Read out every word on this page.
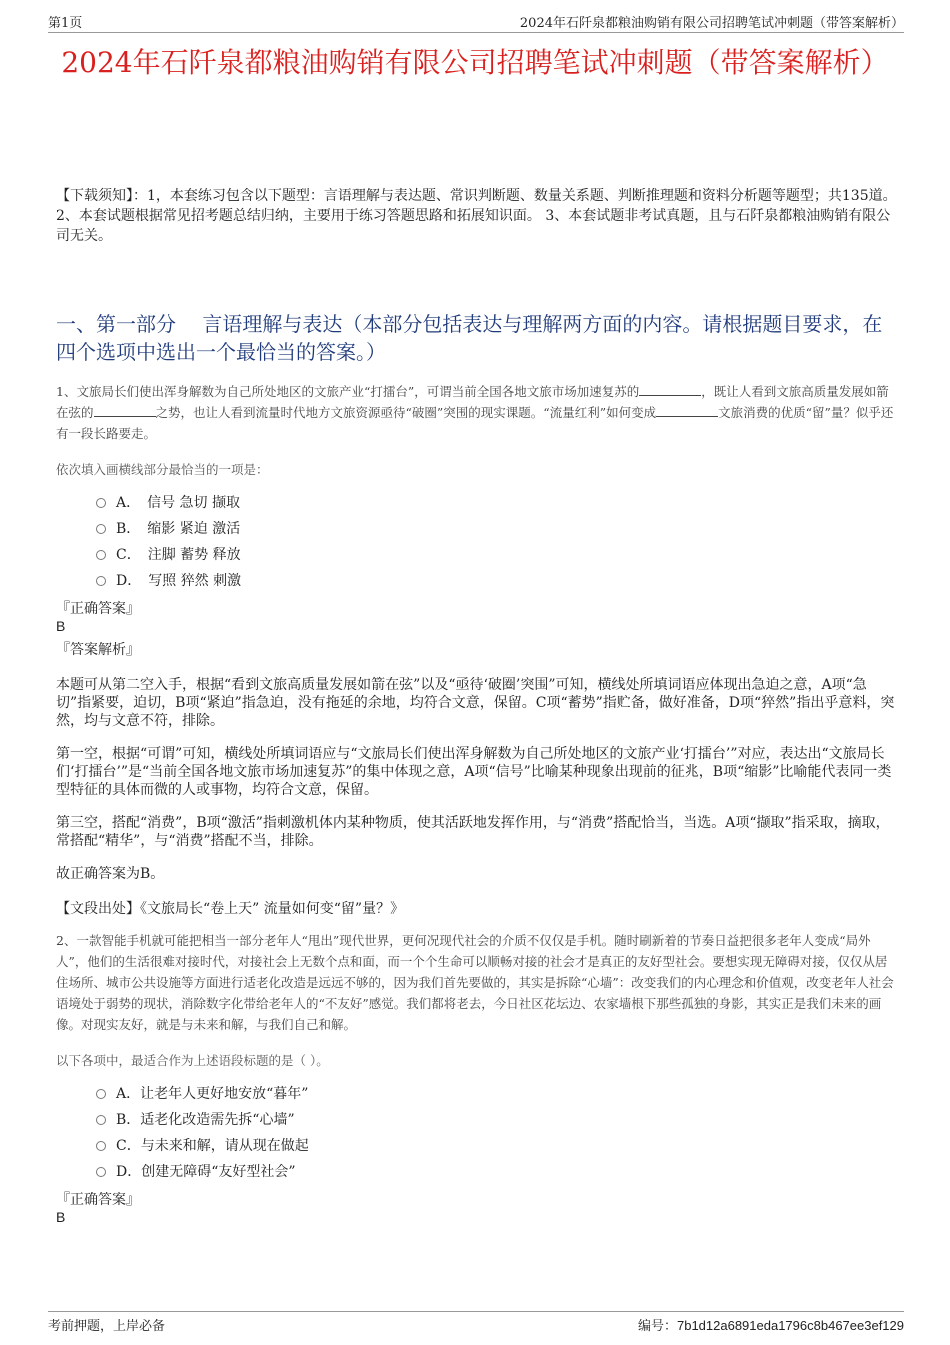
第1页	2024年石阡泉都粮油购销有限公司招聘笔试冲刺题（带答案解析）
2024年石阡泉都粮油购销有限公司招聘笔试冲刺题（带答案解析）
【下载须知】：1，本套练习包含以下题型：言语理解与表达题、常识判断题、数量关系题、判断推理题和资料分析题等题型；共135道。 2、本套试题根据常见招考题总结归纳，主要用于练习答题思路和拓展知识面。 3、本套试题非考试真题，且与石阡泉都粮油购销有限公司无关。
一、第一部分　 言语理解与表达（本部分包括表达与理解两方面的内容。请根据题目要求，在四个选项中选出一个最恰当的答案。）
1、文旅局长们使出浑身解数为自己所处地区的文旅产业“打擂台”，可谓当前全国各地文旅市场加速复苏的	，既让人看到文旅高质量发展如箭在弦的	之势，也让人看到流量时代地方文旅资源亟待“破圈”突围的现实课题。“流量红利”如何变成	文旅消费的优质“留”量？似乎还有一段长路要走。
依次填入画横线部分最恰当的一项是：
A．　信号 急切 撷取
B．　缩影 紧迫 激活
C．　注脚 蓄势 释放
D．　写照 猝然 刺激
『正确答案』
B
『答案解析』

本题可从第二空入手，根据“看到文旅高质量发展如箭在弦”以及“亟待‘破圈’突围”可知，横线处所填词语应体现出急迫之意，A项“急切”指紧要，迫切，B项“紧迫”指急迫，没有拖延的余地，均符合文意，保留。C项“蓄势”指贮备，做好准备，D项“猝然”指出乎意料，突然，均与文意不符，排除。

第一空，根据“可谓”可知，横线处所填词语应与“文旅局长们使出浑身解数为自己所处地区的文旅产业‘打擂台’”对应，表达出“文旅局长们‘打擂台’”是“当前全国各地文旅市场加速复苏”的集中体现之意，A项“信号”比喻某种现象出现前的征兆，B项“缩影”比喻能代表同一类型特征的具体而微的人或事物，均符合文意，保留。

第三空，搭配“消费”，B项“激活”指刺激机体内某种物质，使其活跃地发挥作用，与“消费”搭配恰当，当选。A项“撷取”指采取，摘取，常搭配“精华”，与“消费”搭配不当，排除。

故正确答案为B。

【文段出处】《文旅局长“卷上天” 流量如何变“留”量？》
2、一款智能手机就可能把相当一部分老年人“甩出”现代世界，更何况现代社会的介质不仅仅是手机。随时刷新着的节奏日益把很多老年人变成“局外人”，他们的生活很难对接时代，对接社会上无数个点和面，而一个个生命可以顺畅对接的社会才是真正的友好型社会。要想实现无障碍对接，仅仅从居住场所、城市公共设施等方面进行适老化改造是远远不够的，因为我们首先要做的，其实是拆除“心墙”：改变我们的内心理念和价值观，改变老年人社会语境处于弱势的现状，消除数字化带给老年人的“不友好”感觉。我们都将老去，今日社区花坛边、农家墙根下那些孤独的身影，其实正是我们未来的画像。对现实友好，就是与未来和解，与我们自己和解。
以下各项中，最适合作为上述语段标题的是（ ）。
A．让老年人更好地安放“暮年”
B．适老化改造需先拆“心墙”
C．与未来和解，请从现在做起
D．创建无障碍“友好型社会”
『正确答案』
B
考前押题，上岸必备	编号：7b1d12a6891eda1796c8b467ee3ef129
